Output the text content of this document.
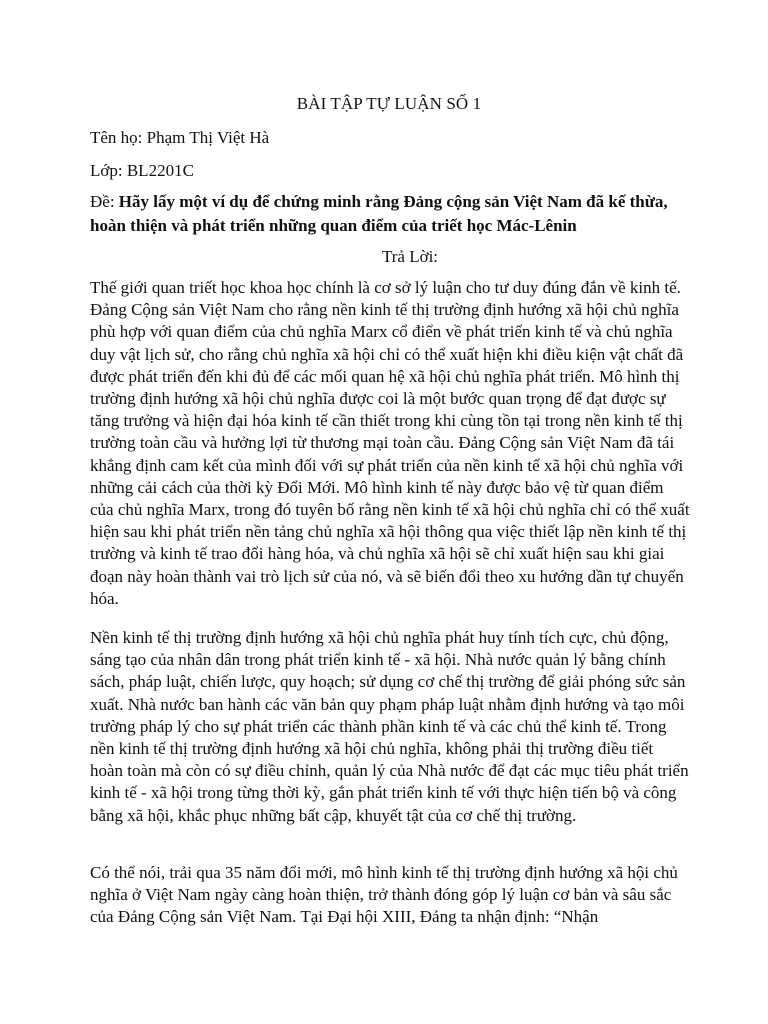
BÀI TẬP TỰ LUẬN SỐ 1
Tên họ: Phạm Thị Việt Hà
Lớp: BL2201C
Đề: Hãy lấy một ví dụ để chứng minh rằng Đảng cộng sản Việt Nam đã kế thừa, hoàn thiện và phát triển những quan điểm của triết học Mác-Lênin
Trả Lời:

Thế giới quan triết học khoa học chính là cơ sở lý luận cho tư duy đúng đắn về kinh tế. Đảng Cộng sản Việt Nam cho rằng nền kinh tế thị trường định hướng xã hội chủ nghĩa phù hợp với quan điểm của chủ nghĩa Marx cổ điển về phát triển kinh tế và chủ nghĩa duy vật lịch sử, cho rằng chủ nghĩa xã hội chỉ có thể xuất hiện khi điều kiện vật chất đã được phát triển đến khi đủ để các mối quan hệ xã hội chủ nghĩa phát triển. Mô hình thị trường định hướng xã hội chủ nghĩa được coi là một bước quan trọng để đạt được sự tăng trưởng và hiện đại hóa kinh tế cần thiết trong khi cùng tồn tại trong nền kinh tế thị trường toàn cầu và hưởng lợi từ thương mại toàn cầu. Đảng Cộng sản Việt Nam đã tái khẳng định cam kết của mình đối với sự phát triển của nền kinh tế xã hội chủ nghĩa với những cải cách của thời kỳ Đổi Mới. Mô hình kinh tế này được bảo vệ từ quan điểm của chủ nghĩa Marx, trong đó tuyên bố rằng nền kinh tế xã hội chủ nghĩa chỉ có thể xuất hiện sau khi phát triển nền tảng chủ nghĩa xã hội thông qua việc thiết lập nền kinh tế thị trường và kinh tế trao đổi hàng hóa, và chủ nghĩa xã hội sẽ chỉ xuất hiện sau khi giai đoạn này hoàn thành vai trò lịch sử của nó, và sẽ biến đổi theo xu hướng dần tự chuyển hóa.

Nền kinh tế thị trường định hướng xã hội chủ nghĩa phát huy tính tích cực, chủ động, sáng tạo của nhân dân trong phát triển kinh tế - xã hội. Nhà nước quản lý bằng chính sách, pháp luật, chiến lược, quy hoạch; sử dụng cơ chế thị trường để giải phóng sức sản xuất. Nhà nước ban hành các văn bản quy phạm pháp luật nhằm định hướng và tạo môi trường pháp lý cho sự phát triển các thành phần kinh tế và các chủ thể kinh tế. Trong nền kinh tế thị trường định hướng xã hội chủ nghĩa, không phải thị trường điều tiết hoàn toàn mà còn có sự điều chỉnh, quản lý của Nhà nước để đạt các mục tiêu phát triển kinh tế - xã hội trong từng thời kỳ, gắn phát triển kinh tế với thực hiện tiến bộ và công bằng xã hội, khắc phục những bất cập, khuyết tật của cơ chế thị trường.

Có thể nói, trải qua 35 năm đổi mới, mô hình kinh tế thị trường định hướng xã hội chủ nghĩa ở Việt Nam ngày càng hoàn thiện, trở thành đóng góp lý luận cơ bản và sâu sắc của Đảng Cộng sản Việt Nam. Tại Đại hội XIII, Đảng ta nhận định: “Nhận
